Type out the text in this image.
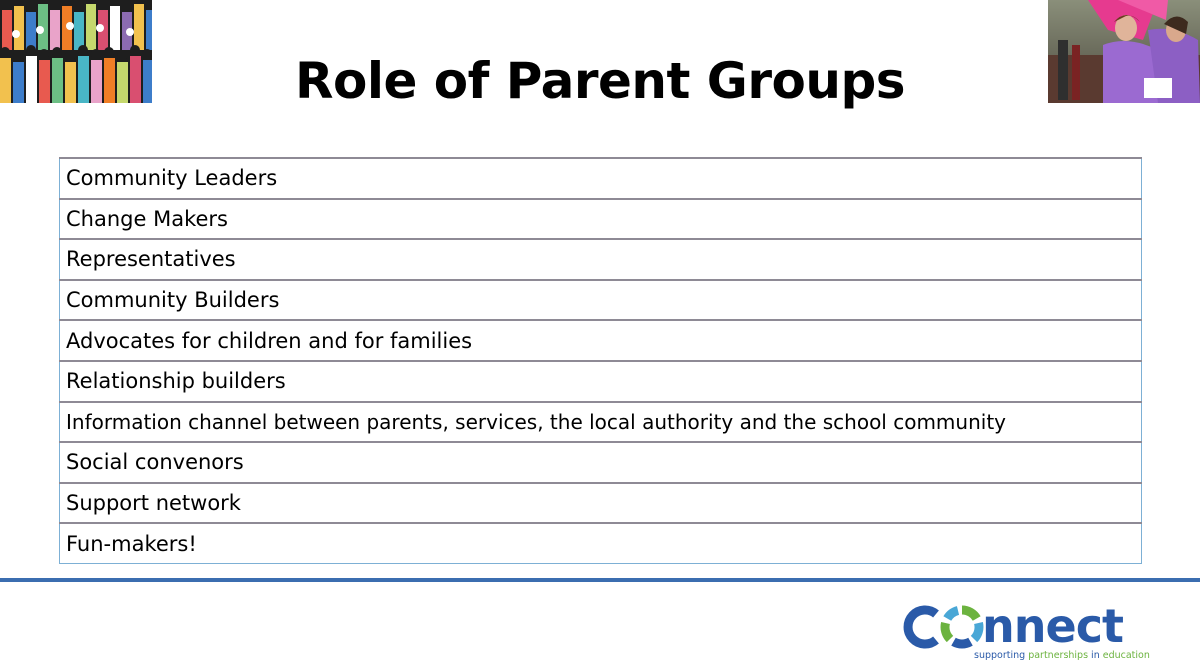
Role of Parent Groups
Community Leaders
Change Makers
Representatives
Community Builders
Advocates for children and for families
Relationship builders
Information channel between parents, services, the local authority and the school community
Social convenors
Support network
Fun-makers!
nnect
supporting partnerships in education
